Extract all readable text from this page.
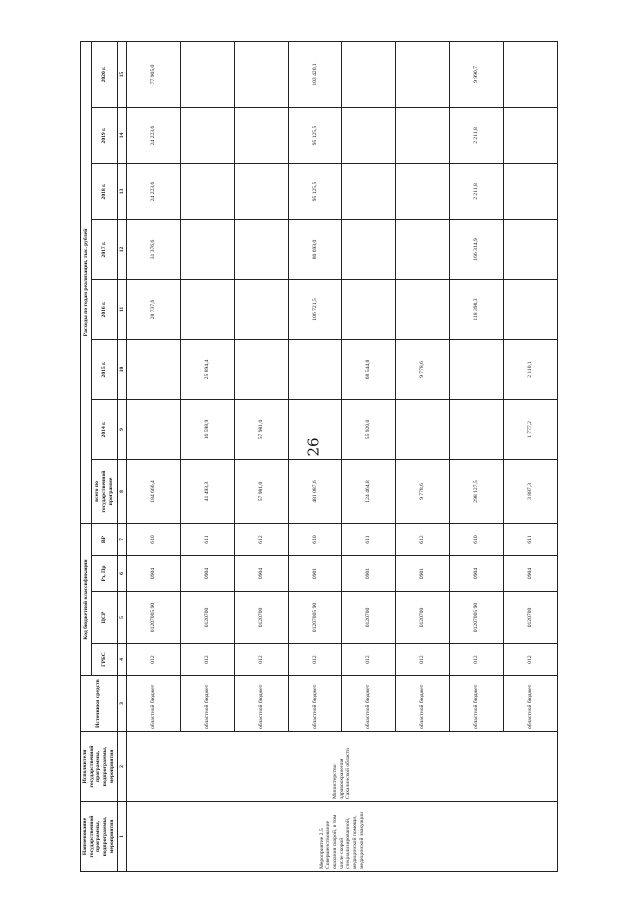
26
Наименование государственной программы, подпрограммы, мероприятия	Исполнители государственной программы, подпрограммы, мероприятия	Источники средств	Код бюджетной классификации				Расходы по годам реализации, тыс. рублей							
			ГРБС	ЦСР	Рз, Пр	ВР	всего по государственной программе	2014 г.	2015 г.	2016 г.	2017 г.	2018 г.	2019 г.	2020 г.
1	2	3	4	5	6	7	8	9	10	11	12	13	14	15
Мероприятие 2.5 Совершенствование оказания скорой, в том числе скорой специализированной, медицинской помощи, медицинской эвакуации	Министерство здравоохранения Сахалинской области	областной бюджет	012	01207005 90	0904	610	184 666,4			28 737,6	31 376,6	24 223,6	24 223,6	77 905,0
		областной бюджет	012	0120700	0904	611	41 493,3	16 598,9	25 894,4					
		областной бюджет	012	0120700	0904	612	57 981,0	57 981,0						
		областной бюджет	012	01207005 90	0901	610	481 087,6			106 721,5	80 693,0	95 125,5	95 125,5	103 420,1
		областной бюджет	012	0120700	0901	611	124 464,8	55 920,0	68 544,8					
		областной бюджет	012	0120700	0901	612	9 778,6		9 778,6					
		областной бюджет	012	01207005 90	0904	610	298 127,5			118 398,3	166 314,9	2 211,8	2 211,8	9 990,7
		областной бюджет	012	0120700	0904	611	3 887,3	1 777,2	2 110,1					
